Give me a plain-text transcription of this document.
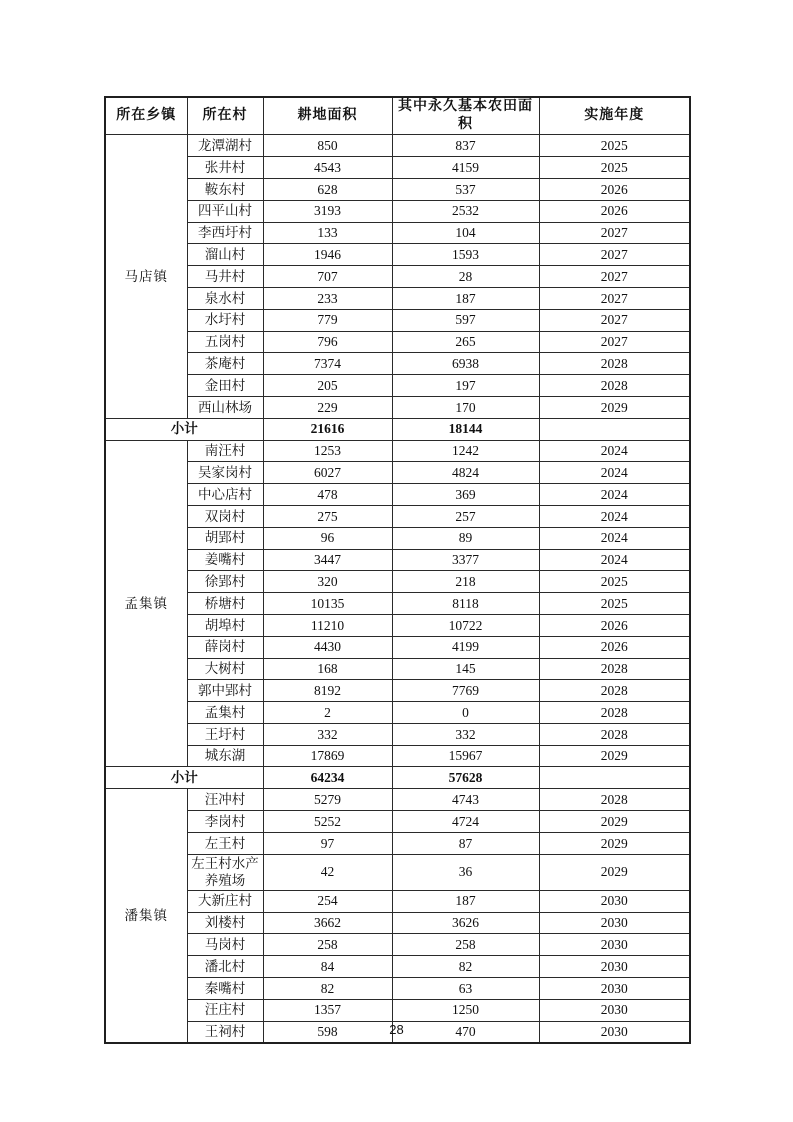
所在乡镇	所在村	耕地面积	其中永久基本农田面积	实施年度
马店镇	龙潭湖村	850	837	2025
	张井村	4543	4159	2025
	鞍东村	628	537	2026
	四平山村	3193	2532	2026
	李西圩村	133	104	2027
	溜山村	1946	1593	2027
	马井村	707	28	2027
	泉水村	233	187	2027
	水圩村	779	597	2027
	五岗村	796	265	2027
	茶庵村	7374	6938	2028
	金田村	205	197	2028
	西山林场	229	170	2029
小计		21616	18144	
孟集镇	南汪村	1253	1242	2024
	吴家岗村	6027	4824	2024
	中心店村	478	369	2024
	双岗村	275	257	2024
	胡郢村	96	89	2024
	姜嘴村	3447	3377	2024
	徐郢村	320	218	2025
	桥塘村	10135	8118	2025
	胡埠村	11210	10722	2026
	薛岗村	4430	4199	2026
	大树村	168	145	2028
	郭中郢村	8192	7769	2028
	孟集村	2	0	2028
	王圩村	332	332	2028
	城东湖	17869	15967	2029
小计		64234	57628	
潘集镇	汪冲村	5279	4743	2028
	李岗村	5252	4724	2029
	左王村	97	87	2029
	左王村水产养殖场	42	36	2029
	大新庄村	254	187	2030
	刘楼村	3662	3626	2030
	马岗村	258	258	2030
	潘北村	84	82	2030
	秦嘴村	82	63	2030
	汪庄村	1357	1250	2030
	王祠村	598	470	2030
28
